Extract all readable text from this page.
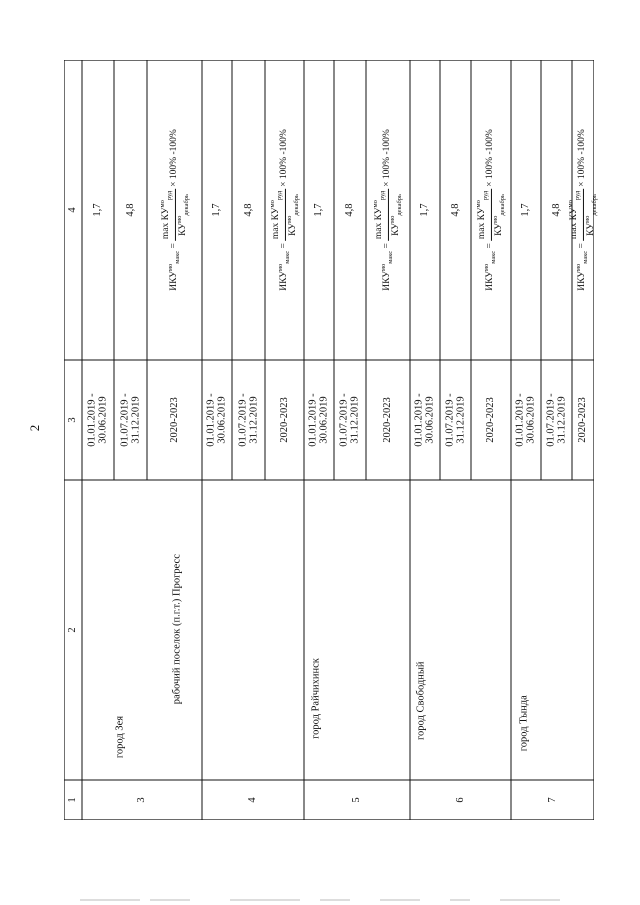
2
1
2
3
4
3
город Зея
01.01.2019 - 30.06.2019
1,7
01.07.2019 - 31.12.2019
4,8
2020-2023
$ИКУ^{мо}_{макс}$ =
$\max КУ^{мо}_{руд}$
$КУ^{мо}_{декабрь}$
× 100% -100%
4
рабочий поселок (п.г.т.) Прогресс
01.01.2019 - 30.06.2019
1,7
01.07.2019 - 31.12.2019
4,8
2020-2023
$ИКУ^{мо}_{макс}$ =
$\max КУ^{мо}_{руд}$
$КУ^{мо}_{декабрь}$
× 100% -100%
5
город Райчихинск
01.01.2019 - 30.06.2019
1,7
01.07.2019 - 31.12.2019
4,8
2020-2023
$ИКУ^{мо}_{макс}$ =
$\max КУ^{мо}_{руд}$
$КУ^{мо}_{декабрь}$
× 100% -100%
6
город Свободный
01.01.2019 - 30.06.2019
1,7
01.07.2019 - 31.12.2019
4,8
2020-2023
$ИКУ^{мо}_{макс}$ =
$\max КУ^{мо}_{руд}$
$КУ^{мо}_{декабрь}$
× 100% -100%
7
город Тында
01.01.2019 - 30.06.2019
1,7
01.07.2019 - 31.12.2019
4,8
2020-2023
$ИКУ^{мо}_{макс}$ =
$\max КУ^{мо}_{руд}$
$КУ^{мо}_{декабрь}$
× 100% -100%
